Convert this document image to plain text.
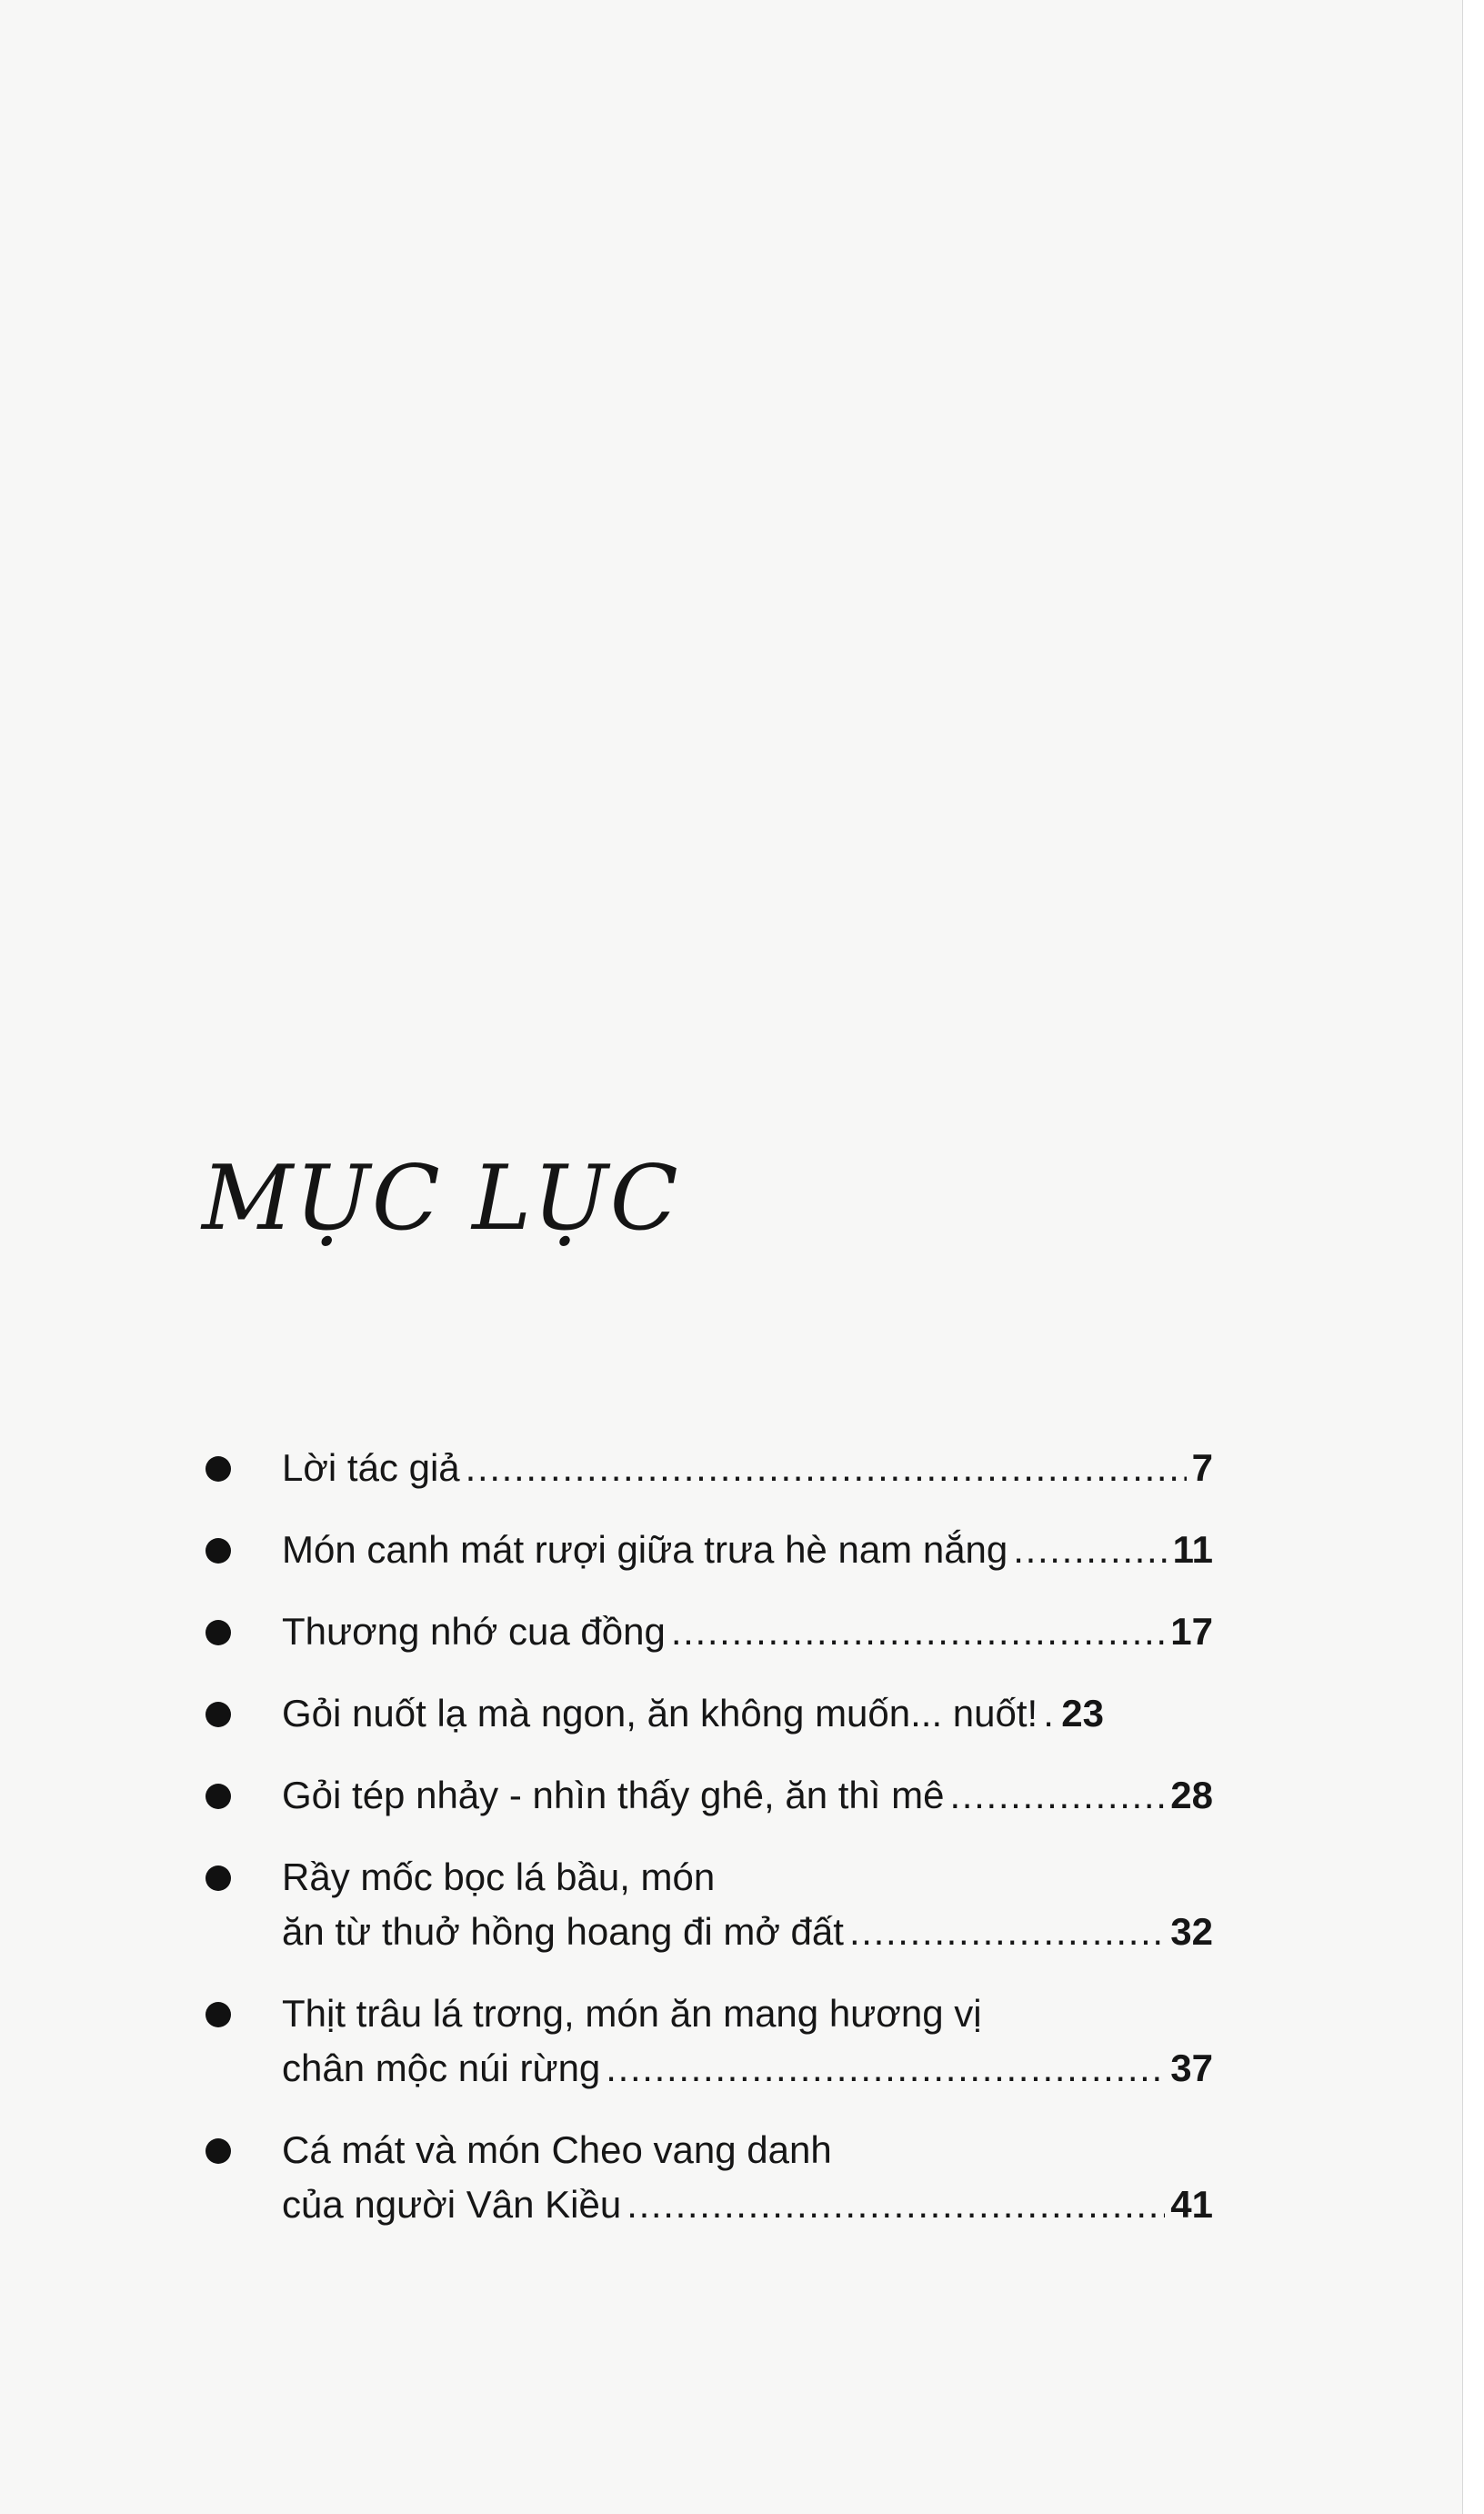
MỤC LỤC
Lời tác giả . . .	7
Món canh mát rượi giữa trưa hè nam nắng . . .	11
Thương nhớ cua đồng . . .	17
Gỏi nuốt lạ mà ngon, ăn không muốn... nuốt! . . . 23
Gỏi tép nhảy - nhìn thấy ghê, ăn thì mê . . .	28
Rầy mốc bọc lá bầu, món
ăn từ thuở hồng hoang đi mở đất . . .	32
Thịt trâu lá trơng, món ăn mang hương vị
chân mộc núi rừng . . .	37
Cá mát và món Cheo vang danh
của người Vân Kiều . . .	41
